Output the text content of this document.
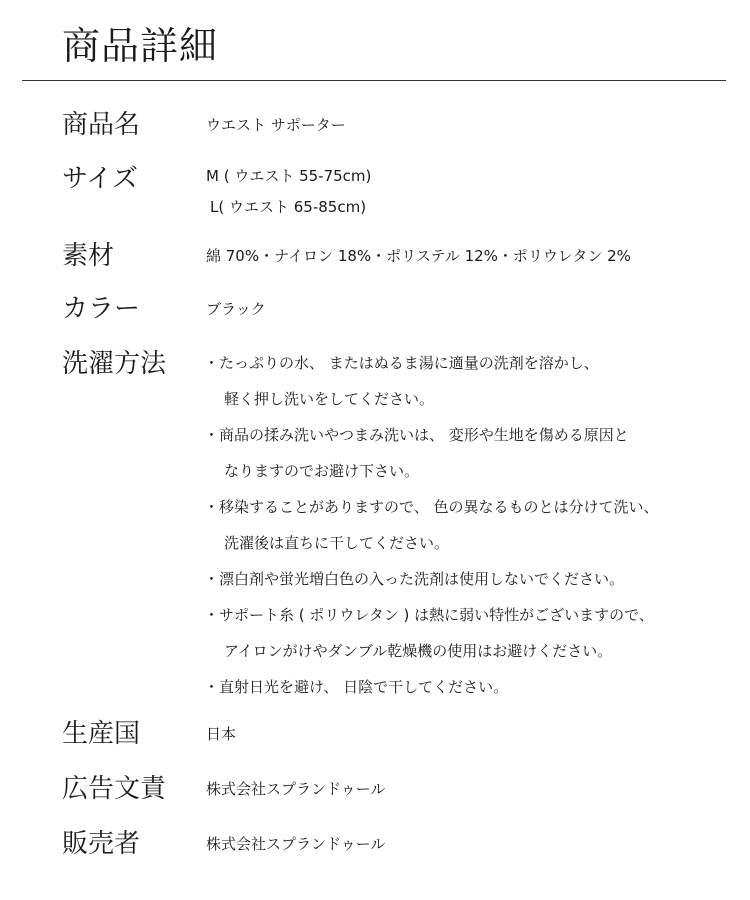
商品詳細
商品名	ウエスト サポーター
サイズ	M ( ウエスト 55-75cm)
L( ウエスト 65-85cm)
素材	綿 70%・ナイロン 18%・ポリステル 12%・ポリウレタン 2%
カラー	ブラック
洗濯方法	・たっぷりの水、 またはぬるま湯に適量の洗剤を溶かし、
軽く押し洗いをしてください。
・商品の揉み洗いやつまみ洗いは、 変形や生地を傷める原因と
なりますのでお避け下さい。
・移染することがありますので、 色の異なるものとは分けて洗い、
洗濯後は直ちに干してください。
・漂白剤や蛍光増白色の入った洗剤は使用しないでください。
・サポート糸 ( ポリウレタン ) は熱に弱い特性がございますので、
アイロンがけやダンブル乾燥機の使用はお避けください。
・直射日光を避け、 日陰で干してください。
生産国	日本
広告文責	株式会社スプランドゥール
販売者	株式会社スプランドゥール
